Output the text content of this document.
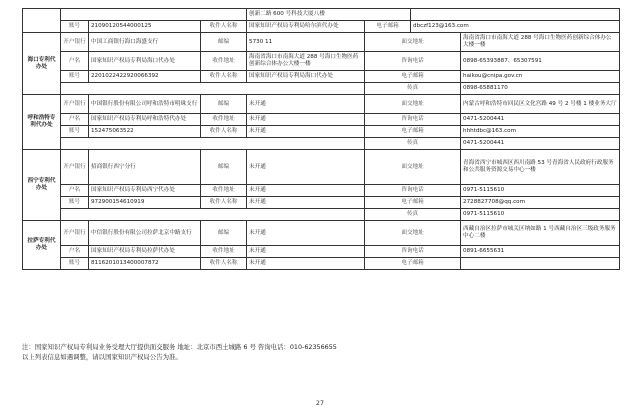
				创新二路 600 号科技大厦八楼			
	账号	21090120544000125	收件人名称	国家知识产权局专利局哈尔滨代办处	电子邮箱	dbczf123@163.com	
海口专利代办处	开户银行	中国工商银行海口海盛支行	邮编	5730 11	面交地址		海南省海口市南海大道 288 号海口生物医药创新综合体办公大楼一楼
	户名	国家知识产权局专利局海口代办处	收件地址	海南省海口市南海大道 288 号海口生物医药创新综合体办公大楼一楼	咨询电话		0898-65393887、65307591
	账号	2201022422920066392	收件人名称	国家知识产权局专利局海口代办处	电子邮箱		haikou@cnipa.gov.cn
					传真		0898-65881170
呼和浩特专利代办处	开户银行	中国银行股份有限公司呼和浩特市明珠支行	邮编	未开通	面交地址		内蒙古呼和浩特市回民区文化宫路 49 号 2 号楼 1 楼业务大厅
	户名	国家知识产权局专利局呼和浩特代办处	收件地址	未开通	咨询电话		0471-5200441
	账号	152475063522	收件人名称	未开通	电子邮箱		hhhtdbc@163.com
					传真		0471-5200441
西宁专利代办处	开户银行	招商银行西宁分行	邮编	未开通	面交地址		青海省西宁市城西区西川南路 53 号青海省人民政府行政服务和公共服务资源交易中心一楼
	户名	国家知识产权局专利局西宁代办处	收件地址	未开通	咨询电话		0971-5115610
	账号	972900154610919	收件人名称	未开通	电子邮箱		2728827708@qq.com
					传真		0971-5115610
拉萨专利代办处	开户银行	中信银行股份有限公司拉萨北京中路支行	邮编	未开通	面交地址		西藏自治区拉萨市城关区纳如路 1 号西藏自治区三级政务服务中心二楼
	户名	国家知识产权局专利局拉萨代办处	收件地址	未开通	咨询电话		0891-6655631
	账号	8116201013400007872	收件人名称	未开通	电子邮箱		
注：国家知识产权局专利局业务受理大厅提供面交服务 地址：北京市西土城路 6 号 咨询电话：010-62356655
以上列表信息如遇调整，请以国家知识产权局公告为准。
27
